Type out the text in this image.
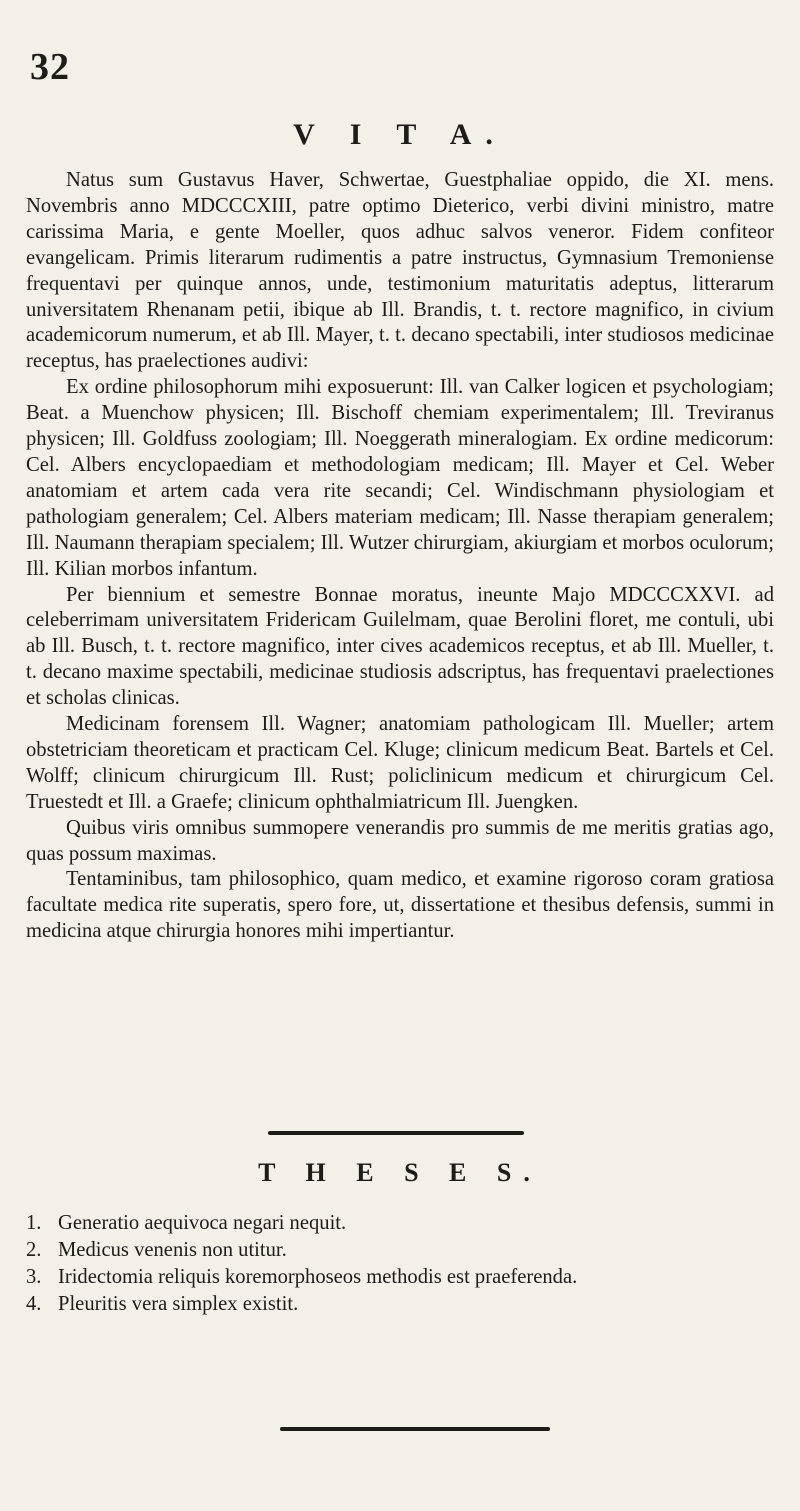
32
V I T A.

Natus sum Gustavus Haver, Schwertae, Guestphaliae oppido, die XI. mens. Novembris anno MDCCCXIII, patre optimo Dieterico, verbi divini ministro, matre carissima Maria, e gente Moeller, quos adhuc salvos veneror. Fidem confiteor evangelicam. Primis literarum rudimentis a patre instructus, Gymnasium Tremoniense frequentavi per quinque annos, unde, testimonium maturitatis adeptus, litterarum universitatem Rhenanam petii, ibique ab Ill. Brandis, t. t. rectore magnifico, in civium academicorum numerum, et ab Ill. Mayer, t. t. decano spectabili, inter studiosos medicinae receptus, has praelectiones audivi:

Ex ordine philosophorum mihi exposuerunt: Ill. van Calker logicen et psychologiam; Beat. a Muenchow physicen; Ill. Bischoff chemiam experimentalem; Ill. Treviranus physicen; Ill. Goldfuss zoologiam; Ill. Noeggerath mineralogiam. Ex ordine medicorum: Cel. Albers encyclopaediam et methodologiam medicam; Ill. Mayer et Cel. Weber anatomiam et artem cada vera rite secandi; Cel. Windischmann physiologiam et pathologiam generalem; Cel. Albers materiam medicam; Ill. Nasse therapiam generalem; Ill. Naumann therapiam specialem; Ill. Wutzer chirurgiam, akiurgiam et morbos oculorum; Ill. Kilian morbos infantum.

Per biennium et semestre Bonnae moratus, ineunte Majo MDCCCXXVI. ad celeberrimam universitatem Fridericam Guilelmam, quae Berolini floret, me contuli, ubi ab Ill. Busch, t. t. rectore magnifico, inter cives academicos receptus, et ab Ill. Mueller, t. t. decano maxime spectabili, medicinae studiosis adscriptus, has frequentavi praelectiones et scholas clinicas.

Medicinam forensem Ill. Wagner; anatomiam pathologicam Ill. Mueller; artem obstetriciam theoreticam et practicam Cel. Kluge; clinicum medicum Beat. Bartels et Cel. Wolff; clinicum chirurgicum Ill. Rust; policlinicum medicum et chirurgicum Cel. Truestedt et Ill. a Graefe; clinicum ophthalmiatricum Ill. Juengken.

Quibus viris omnibus summopere venerandis pro summis de me meritis gratias ago, quas possum maximas.

Tentaminibus, tam philosophico, quam medico, et examine rigoroso coram gratiosa facultate medica rite superatis, spero fore, ut, dissertatione et thesibus defensis, summi in medicina atque chirurgia honores mihi impertiantur.

T H E S E S.
1. Generatio aequivoca negari nequit.
2. Medicus venenis non utitur.
3. Iridectomia reliquis koremorphoseos methodis est praeferenda.
4. Pleuritis vera simplex existit.
